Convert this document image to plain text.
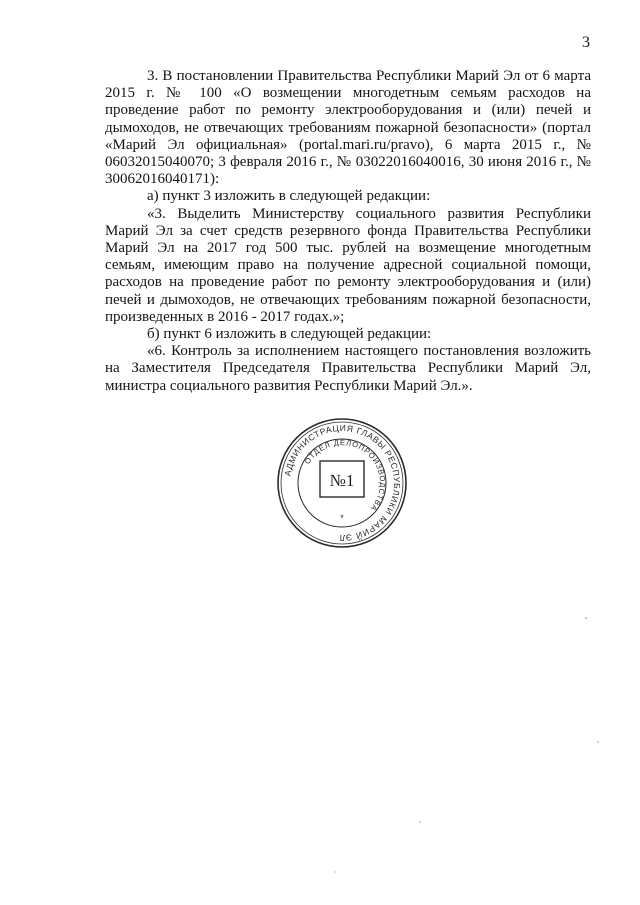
3

3. В постановлении Правительства Республики Марий Эл от 6 марта 2015 г. № 100 «О возмещении многодетным семьям расходов на проведение работ по ремонту электрооборудования и (или) печей и дымоходов, не отвечающих требованиям пожарной безопасности» (портал «Марий Эл официальная» (portal.mari.ru/pravo), 6 марта 2015 г., № 06032015040070; 3 февраля 2016 г., № 03022016040016, 30 июня 2016 г., № 30062016040171):

а) пункт 3 изложить в следующей редакции:

«3. Выделить Министерству социального развития Республики Марий Эл за счет средств резервного фонда Правительства Республики Марий Эл на 2017 год 500 тыс. рублей на возмещение многодетным семьям, имеющим право на получение адресной социальной помощи, расходов на проведение работ по ремонту электрооборудования и (или) печей и дымоходов, не отвечающих требованиям пожарной безопасности, произведенных в 2016 - 2017 годах.»;

б) пункт 6 изложить в следующей редакции:

«6. Контроль за исполнением настоящего постановления возложить на Заместителя Председателя Правительства Республики Марий Эл, министра социального развития Республики Марий Эл.».

АДМИНИСТРАЦИЯ ГЛАВЫ РЕСПУБЛИКИ МАРИЙ ЭЛ
ОТДЕЛ ДЕЛОПРОИЗВОДСТВА
№1
*
